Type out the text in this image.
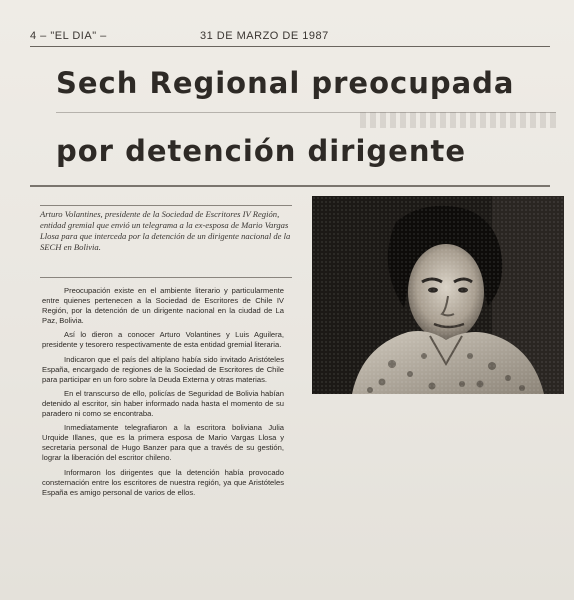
4 – "EL DIA" –	31 DE MARZO DE 1987
Sech Regional preocupada
por detención dirigente
Arturo Volantines, presidente de la Sociedad de Escritores IV Región, entidad gremial que envió un telegrama a la ex-esposa de Mario Vargas Llosa para que interceda por la detención de un dirigente nacional de la SECH en Bolivia.

Preocupación existe en el ambiente literario y particularmente entre quienes pertenecen a la Sociedad de Escritores de Chile IV Región, por la detención de un dirigente nacional en la ciudad de La Paz, Bolivia.

Así lo dieron a conocer Arturo Volantines y Luis Aguilera, presidente y tesorero respectivamente de esta entidad gremial literaria.

Indicaron que el país del altiplano había sido invitado Aristóteles España, encargado de regiones de la Sociedad de Escritores de Chile para participar en un foro sobre la Deuda Externa y otras materias.

En el transcurso de ello, policías de Seguridad de Bolivia habían detenido al escritor, sin haber informado nada hasta el momento de su paradero ni como se encontraba.

Inmediatamente telegrafiaron a la escritora boliviana Julia Urquide Illanes, que es la primera esposa de Mario Vargas Llosa y secretaria personal de Hugo Banzer para que a través de su gestión, lograr la liberación del escritor chileno.

Informaron los dirigentes que la detención había provocado consternación entre los escritores de nuestra región, ya que Aristóteles España es amigo personal de varios de ellos.
